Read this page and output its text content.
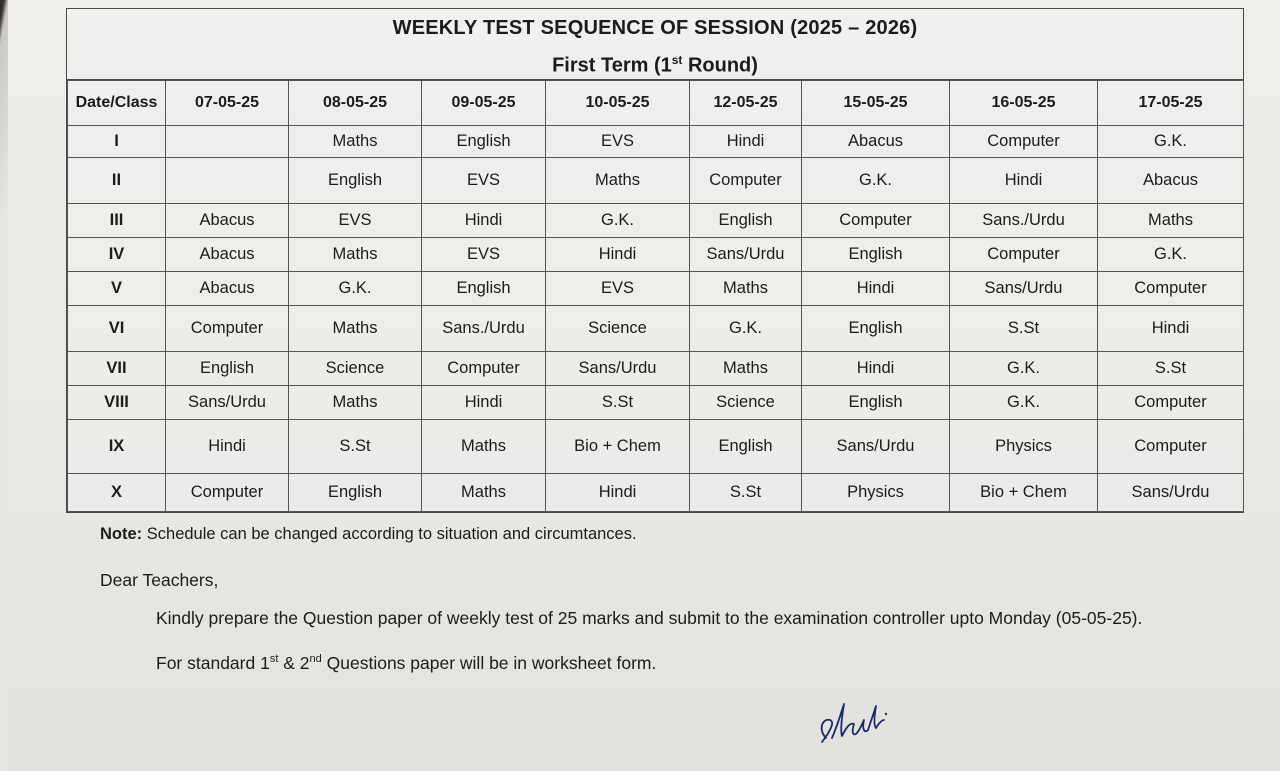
WEEKLY TEST SEQUENCE OF SESSION (2025 – 2026)
First Term (1st Round)
Date/Class	07-05-25	08-05-25	09-05-25	10-05-25	12-05-25	15-05-25	16-05-25	17-05-25
I		Maths	English	EVS	Hindi	Abacus	Computer	G.K.
II		English	EVS	Maths	Computer	G.K.	Hindi	Abacus
III	Abacus	EVS	Hindi	G.K.	English	Computer	Sans./Urdu	Maths
IV	Abacus	Maths	EVS	Hindi	Sans/Urdu	English	Computer	G.K.
V	Abacus	G.K.	English	EVS	Maths	Hindi	Sans/Urdu	Computer
VI	Computer	Maths	Sans./Urdu	Science	G.K.	English	S.St	Hindi
VII	English	Science	Computer	Sans/Urdu	Maths	Hindi	G.K.	S.St
VIII	Sans/Urdu	Maths	Hindi	S.St	Science	English	G.K.	Computer
IX	Hindi	S.St	Maths	Bio + Chem	English	Sans/Urdu	Physics	Computer
X	Computer	English	Maths	Hindi	S.St	Physics	Bio + Chem	Sans/Urdu
Note: Schedule can be changed according to situation and circumtances.
Dear Teachers,
Kindly prepare the Question paper of weekly test of 25 marks and submit to the examination controller upto Monday (05-05-25).
For standard 1st & 2nd Questions paper will be in worksheet form.
